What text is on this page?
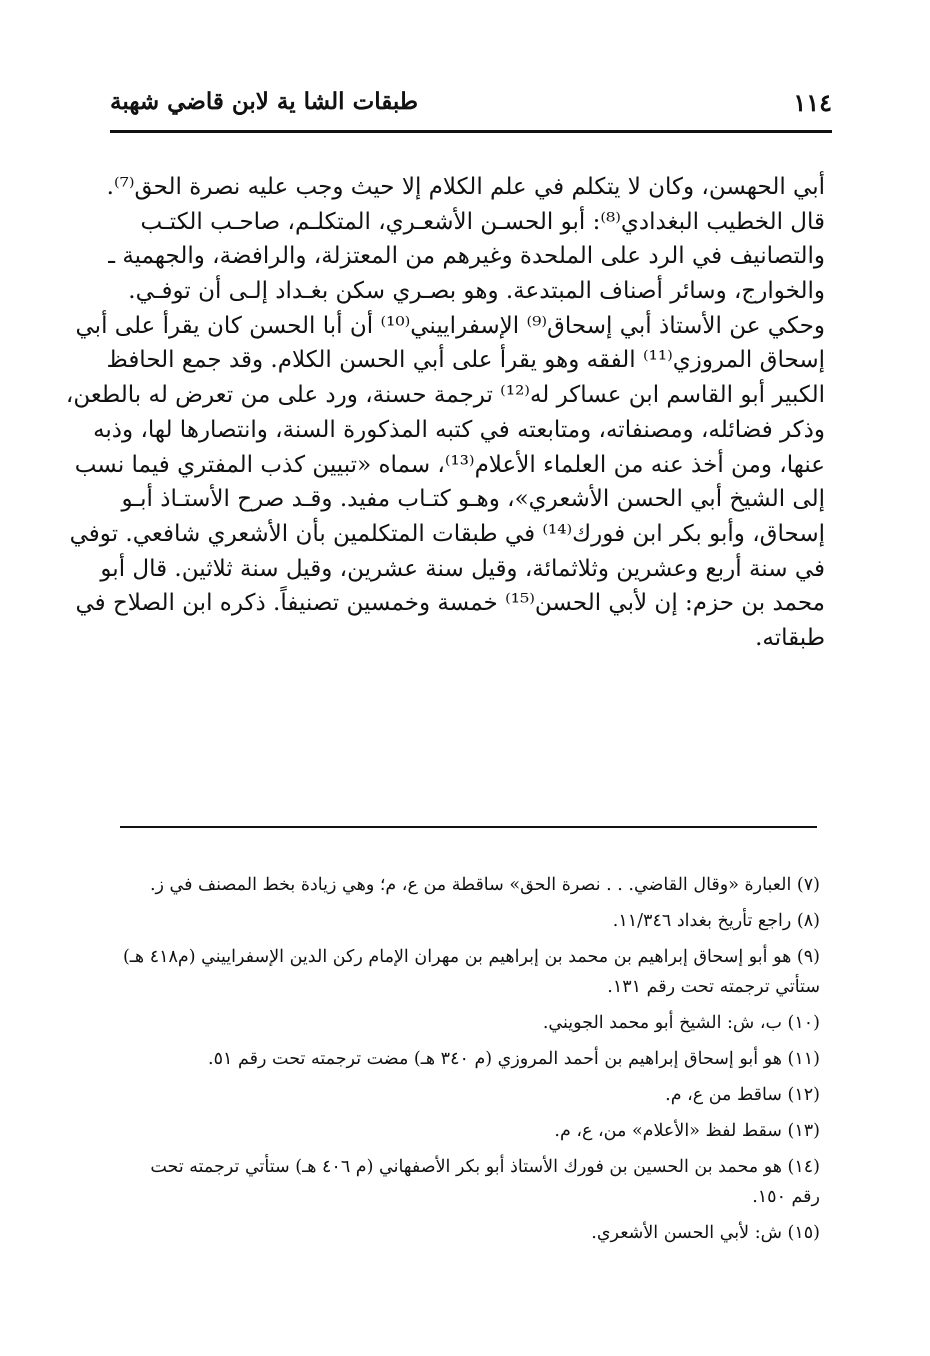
١١٤
طبقات الشا ية لابن قاضي شهبة
أبي الحهسن، وكان لا يتكلم في علم الكلام إلا حيث وجب عليه نصرة الحق⁽⁷⁾.
قال الخطيب البغدادي⁽⁸⁾: أبو الحسـن الأشعـري، المتكلـم، صاحـب الكتـب
والتصانيف في الرد على الملحدة وغيرهم من المعتزلة، والرافضة، والجهمية ـ
والخوارج، وسائر أصناف المبتدعة. وهو بصـري سكن بغـداد إلـى أن توفـي.
وحكي عن الأستاذ أبي إسحاق⁽⁹⁾ الإسفراييني⁽¹⁰⁾ أن أبا الحسن كان يقرأ على أبي
إسحاق المروزي⁽¹¹⁾ الفقه وهو يقرأ على أبي الحسن الكلام. وقد جمع الحافظ
الكبير أبو القاسم ابن عساكر له⁽¹²⁾ ترجمة حسنة، ورد على من تعرض له بالطعن،
وذكر فضائله، ومصنفاته، ومتابعته في كتبه المذكورة السنة، وانتصارها لها، وذبه
عنها، ومن أخذ عنه من العلماء الأعلام⁽¹³⁾، سماه «تبيين كذب المفتري فيما نسب
إلى الشيخ أبي الحسن الأشعري»، وهـو كتـاب مفيد. وقـد صرح الأستـاذ أبـو
إسحاق، وأبو بكر ابن فورك⁽¹⁴⁾ في طبقات المتكلمين بأن الأشعري شافعي. توفي
في سنة أربع وعشرين وثلاثمائة، وقيل سنة عشرين، وقيل سنة ثلاثين. قال أبو
محمد بن حزم: إن لأبي الحسن⁽¹⁵⁾ خمسة وخمسين تصنيفاً. ذكره ابن الصلاح في
طبقاته.
(٧) العبارة «وقال القاضي. . . نصرة الحق» ساقطة من ع، م؛ وهي زيادة بخط المصنف في ز.
(٨) راجع تأريخ بغداد ١١/٣٤٦.
(٩) هو أبو إسحاق إبراهيم بن محمد بن إبراهيم بن مهران الإمام ركن الدين الإسفراييني (م٤١٨ هـ)
ستأتي ترجمته تحت رقم ١٣١.
(١٠) ب، ش: الشيخ أبو محمد الجويني.
(١١) هو أبو إسحاق إبراهيم بن أحمد المروزي (م ٣٤٠ هـ) مضت ترجمته تحت رقم ٥١.
(١٢) ساقط من ع، م.
(١٣) سقط لفظ «الأعلام» من، ع، م.
(١٤) هو محمد بن الحسين بن فورك الأستاذ أبو بكر الأصفهاني (م ٤٠٦ هـ) ستأتي ترجمته تحت
رقم ١٥٠.
(١٥) ش: لأبي الحسن الأشعري.
